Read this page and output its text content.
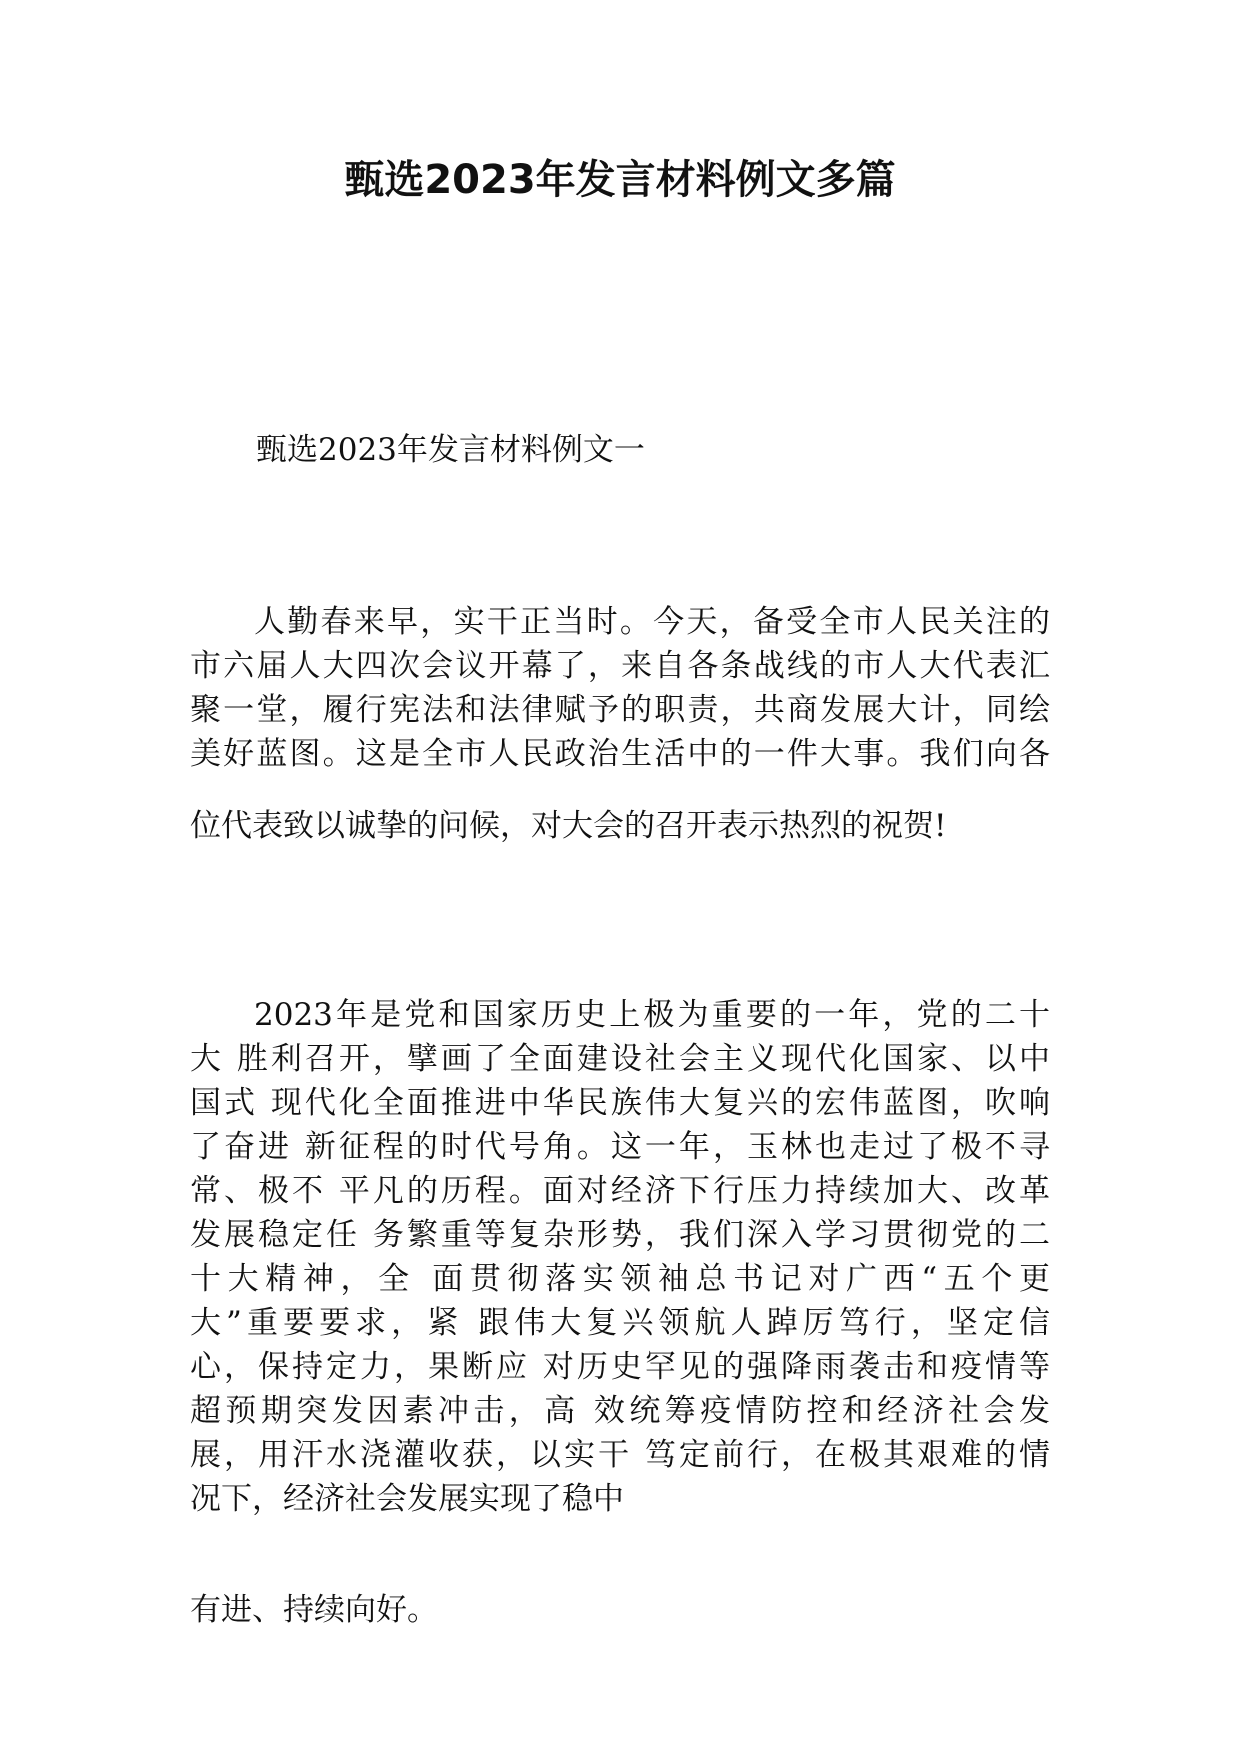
甄选2023年发言材料例文多篇

甄选2023年发言材料例文一

人勤春来早，实干正当时。今天，备受全市人民关注的
市六届人大四次会议开幕了，来自各条战线的市人大代表汇
聚一堂，履行宪法和法律赋予的职责，共商发展大计，同绘
美好蓝图。这是全市人民政治生活中的一件大事。我们向各
位代表致以诚挚的问候，对大会的召开表示热烈的祝贺!
2023年是党和国家历史上极为重要的一年，党的二十
大 胜利召开，擘画了全面建设社会主义现代化国家、以中
国式 现代化全面推进中华民族伟大复兴的宏伟蓝图，吹响
了奋进 新征程的时代号角。这一年，玉林也走过了极不寻
常、极不 平凡的历程。面对经济下行压力持续加大、改革
发展稳定任 务繁重等复杂形势，我们深入学习贯彻党的二
十大精神，全 面贯彻落实领袖总书记对广西“五个更
大”重要要求，紧 跟伟大复兴领航人踔厉笃行，坚定信
心，保持定力，果断应 对历史罕见的强降雨袭击和疫情等
超预期突发因素冲击，高 效统筹疫情防控和经济社会发
展，用汗水浇灌收获，以实干 笃定前行，在极其艰难的情
况下，经济社会发展实现了稳中
有进、持续向好。
